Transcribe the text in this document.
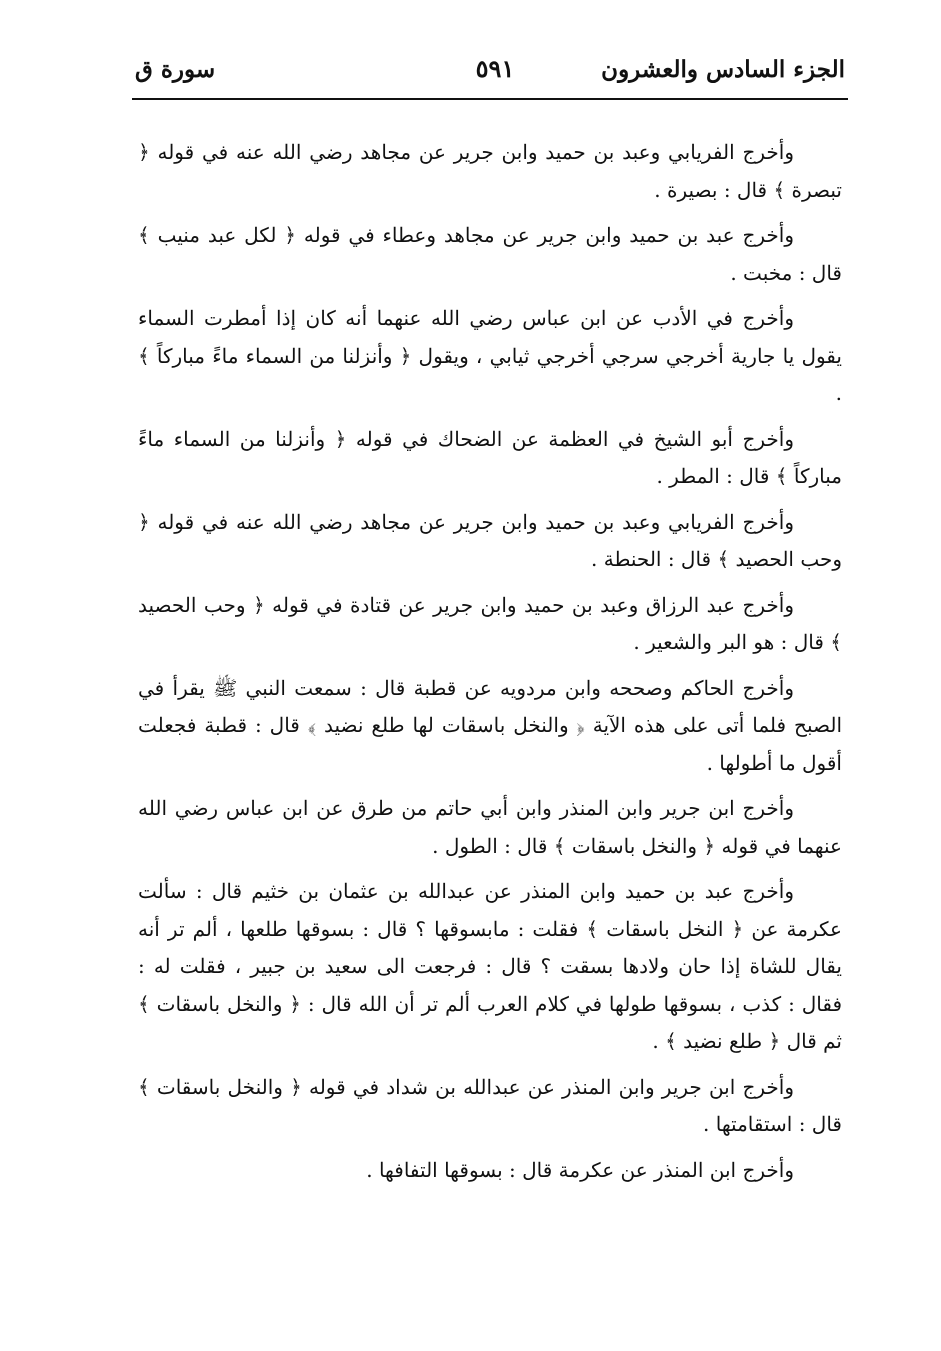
الجزء السادس والعشرون
٥٩١
سورة ق

وأخرج الفريابي وعبد بن حميد وابن جرير عن مجاهد رضي الله عنه في قوله ﴿ تبصرة ﴾ قال : بصيرة .

وأخرج عبد بن حميد وابن جرير عن مجاهد وعطاء في قوله ﴿ لكل عبد منيب ﴾ قال : مخبت .

وأخرج في الأدب عن ابن عباس رضي الله عنهما أنه كان إذا أمطرت السماء يقول يا جارية أخرجي سرجي أخرجي ثيابي ، ويقول ﴿ وأنزلنا من السماء ماءً مباركاً ﴾ .

وأخرج أبو الشيخ في العظمة عن الضحاك في قوله ﴿ وأنزلنا من السماء ماءً مباركاً ﴾ قال : المطر .

وأخرج الفريابي وعبد بن حميد وابن جرير عن مجاهد رضي الله عنه في قوله ﴿ وحب الحصيد ﴾ قال : الحنطة .

وأخرج عبد الرزاق وعبد بن حميد وابن جرير عن قتادة في قوله ﴿ وحب الحصيد ﴾ قال : هو البر والشعير .

وأخرج الحاكم وصححه وابن مردويه عن قطبة قال : سمعت النبي ﷺ يقرأ في الصبح فلما أتى على هذه الآية ﴿ والنخل باسقات لها طلع نضيد ﴾ قال : قطبة فجعلت أقول ما أطولها .

وأخرج ابن جرير وابن المنذر وابن أبي حاتم من طرق عن ابن عباس رضي الله عنهما في قوله ﴿ والنخل باسقات ﴾ قال : الطول .

وأخرج عبد بن حميد وابن المنذر عن عبدالله بن عثمان بن خثيم قال : سألت عكرمة عن ﴿ النخل باسقات ﴾ فقلت : مابسوقها ؟ قال : بسوقها طلعها ، ألم تر أنه يقال للشاة إذا حان ولادها بسقت ؟ قال : فرجعت الى سعيد بن جبير ، فقلت له : فقال : كذب ، بسوقها طولها في كلام العرب ألم تر أن الله قال : ﴿ والنخل باسقات ﴾ ثم قال ﴿ طلع نضيد ﴾ .

وأخرج ابن جرير وابن المنذر عن عبدالله بن شداد في قوله ﴿ والنخل باسقات ﴾ قال : استقامتها .

وأخرج ابن المنذر عن عكرمة قال : بسوقها التفافها .
